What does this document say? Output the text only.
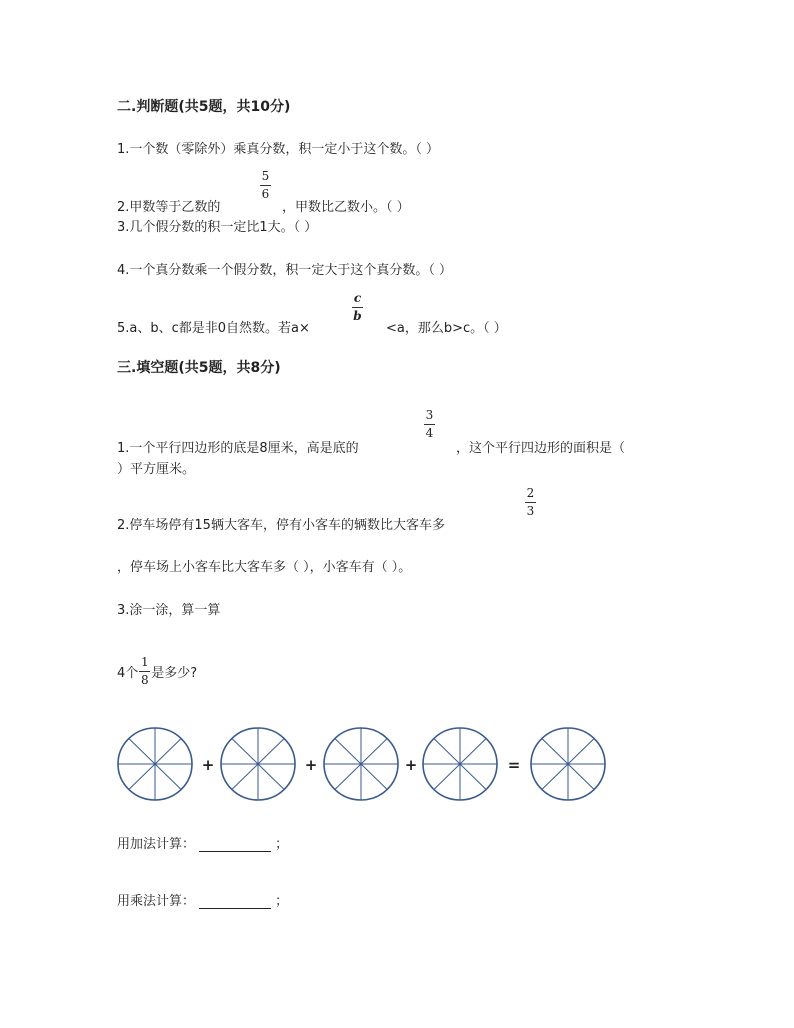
二.判断题(共5题，共10分)
1.一个数（零除外）乘真分数，积一定小于这个数。（ ）
2.甲数等于乙数的
5
6
，甲数比乙数小。（ ）
3.几个假分数的积一定比1大。（ ）
4.一个真分数乘一个假分数，积一定大于这个真分数。（ ）
5.a、b、c都是非0自然数。若a×
c
b
<a，那么b>c。（ ）
三.填空题(共5题，共8分)
1.一个平行四边形的底是8厘米，高是底的
3
4
，这个平行四边形的面积是（
）平方厘米。
2.停车场停有15辆大客车，停有小客车的辆数比大客车多
2
3
，停车场上小客车比大客车多（ ），小客车有（ ）。
3.涂一涂，算一算
4个 $\frac{1}{8}$ 是多少?
+	+	+	=
用加法计算：	；
用乘法计算：	；
